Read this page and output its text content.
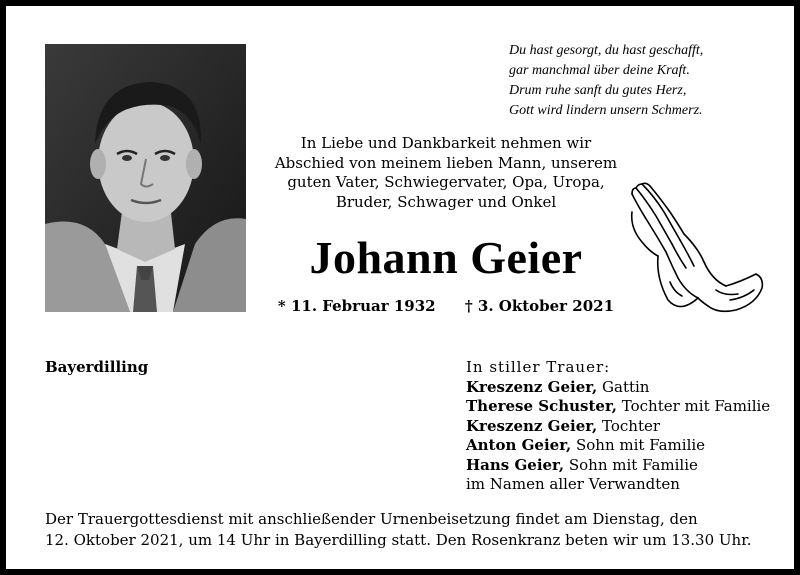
Du hast gesorgt, du hast geschafft,
gar manchmal über deine Kraft.
Drum ruhe sanft du gutes Herz,
Gott wird lindern unsern Schmerz.
In Liebe und Dankbarkeit nehmen wir
Abschied von meinem lieben Mann, unserem
guten Vater, Schwiegervater, Opa, Uropa,
Bruder, Schwager und Onkel
Johann Geier
* 11. Februar 1932 † 3. Oktober 2021
Bayerdilling	In stiller Trauer:
Kreszenz Geier, Gattin
Therese Schuster, Tochter mit Familie
Kreszenz Geier, Tochter
Anton Geier, Sohn mit Familie
Hans Geier, Sohn mit Familie
im Namen aller Verwandten
Der Trauergottesdienst mit anschließender Urnenbeisetzung findet am Dienstag, den
12. Oktober 2021, um 14 Uhr in Bayerdilling statt. Den Rosenkranz beten wir um 13.30 Uhr.
